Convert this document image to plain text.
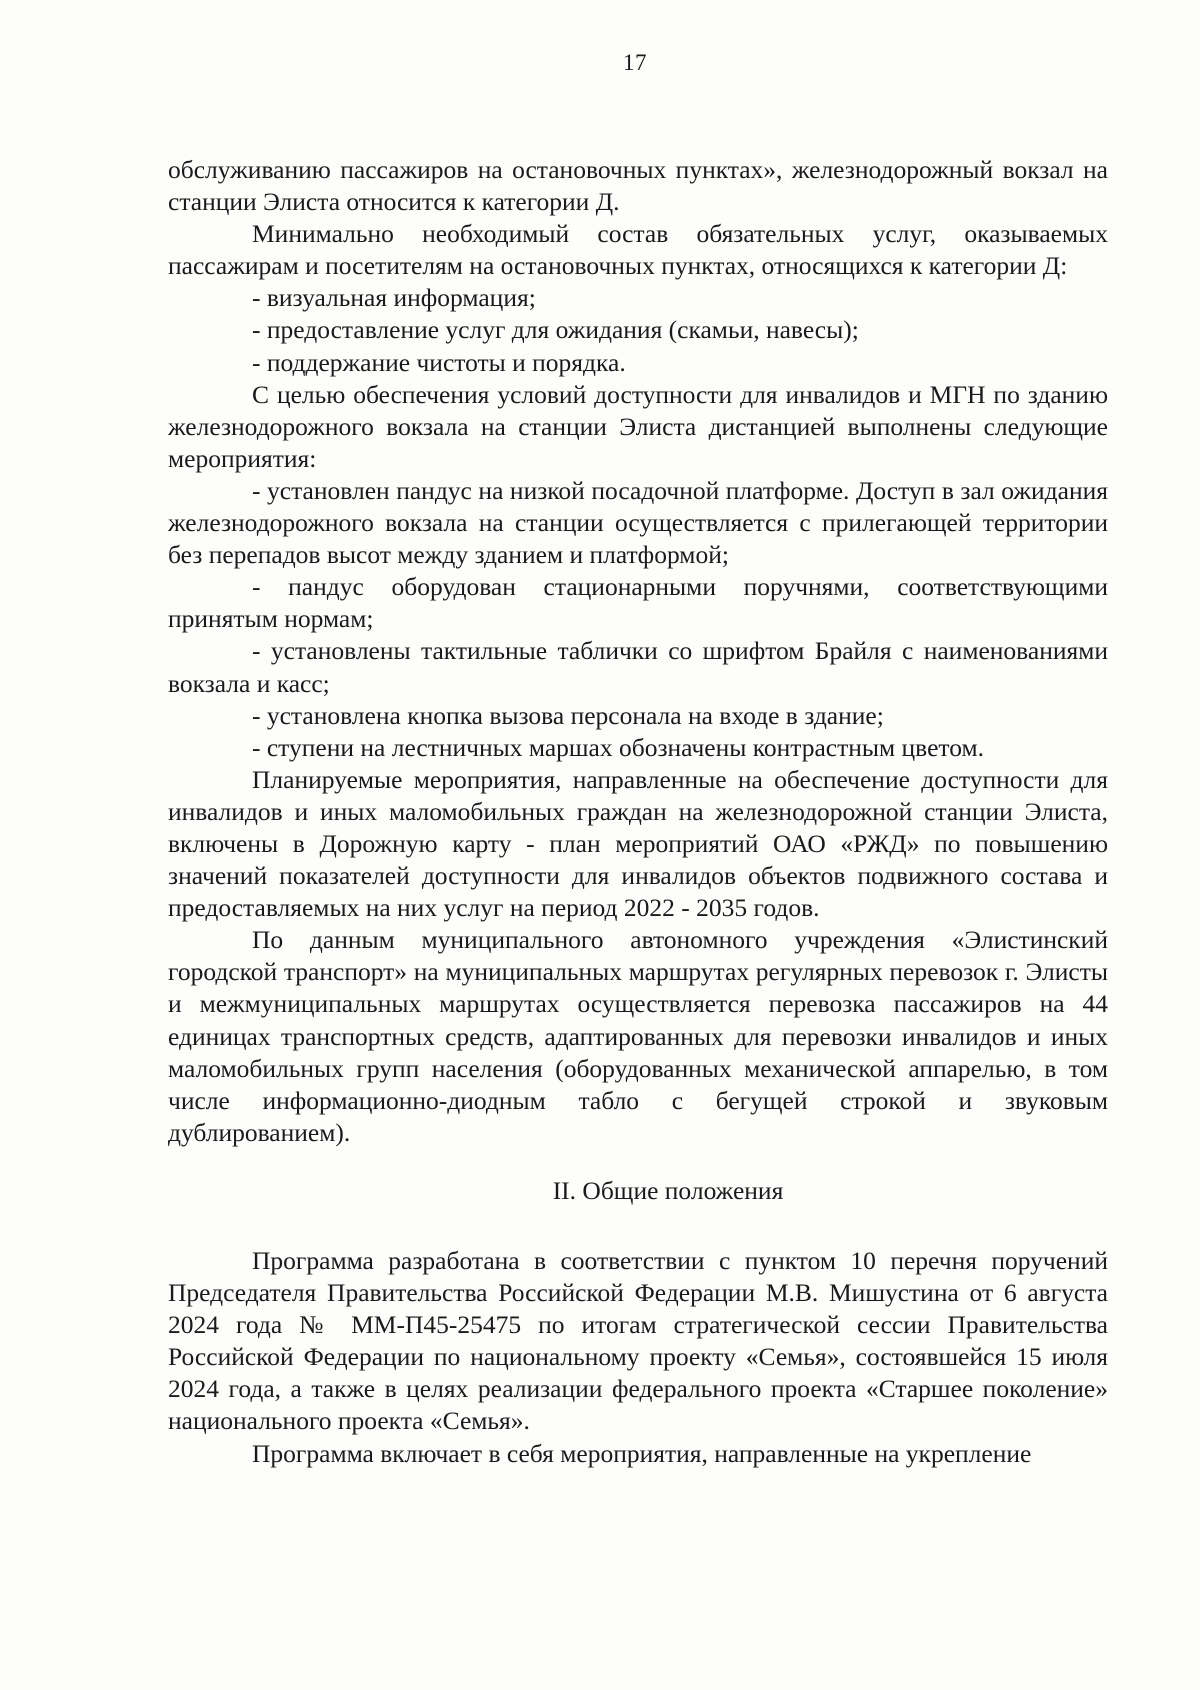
17

обслуживанию пассажиров на остановочных пунктах», железнодорожный вокзал на станции Элиста относится к категории Д.

Минимально необходимый состав обязательных услуг, оказываемых пассажирам и посетителям на остановочных пунктах, относящихся к категории Д:

- визуальная информация;

- предоставление услуг для ожидания (скамьи, навесы);

- поддержание чистоты и порядка.

С целью обеспечения условий доступности для инвалидов и МГН по зданию железнодорожного вокзала на станции Элиста дистанцией выполнены следующие мероприятия:

- установлен пандус на низкой посадочной платформе. Доступ в зал ожидания железнодорожного вокзала на станции осуществляется с прилегающей территории без перепадов высот между зданием и платформой;

- пандус оборудован стационарными поручнями, соответствующими принятым нормам;

- установлены тактильные таблички со шрифтом Брайля с наименованиями вокзала и касс;

- установлена кнопка вызова персонала на входе в здание;

- ступени на лестничных маршах обозначены контрастным цветом.

Планируемые мероприятия, направленные на обеспечение доступности для инвалидов и иных маломобильных граждан на железнодорожной станции Элиста, включены в Дорожную карту - план мероприятий ОАО «РЖД» по повышению значений показателей доступности для инвалидов объектов подвижного состава и предоставляемых на них услуг на период 2022 - 2035 годов.

По данным муниципального автономного учреждения «Элистинский городской транспорт» на муниципальных маршрутах регулярных перевозок г. Элисты и межмуниципальных маршрутах осуществляется перевозка пассажиров на 44 единицах транспортных средств, адаптированных для перевозки инвалидов и иных маломобильных групп населения (оборудованных механической аппарелью, в том числе информационно-диодным табло с бегущей строкой и звуковым дублированием).

II. Общие положения

Программа разработана в соответствии с пунктом 10 перечня поручений Председателя Правительства Российской Федерации М.В. Мишустина от 6 августа 2024 года № ММ-П45-25475 по итогам стратегической сессии Правительства Российской Федерации по национальному проекту «Семья», состоявшейся 15 июля 2024 года, а также в целях реализации федерального проекта «Старшее поколение» национального проекта «Семья».

Программа включает в себя мероприятия, направленные на укрепление
